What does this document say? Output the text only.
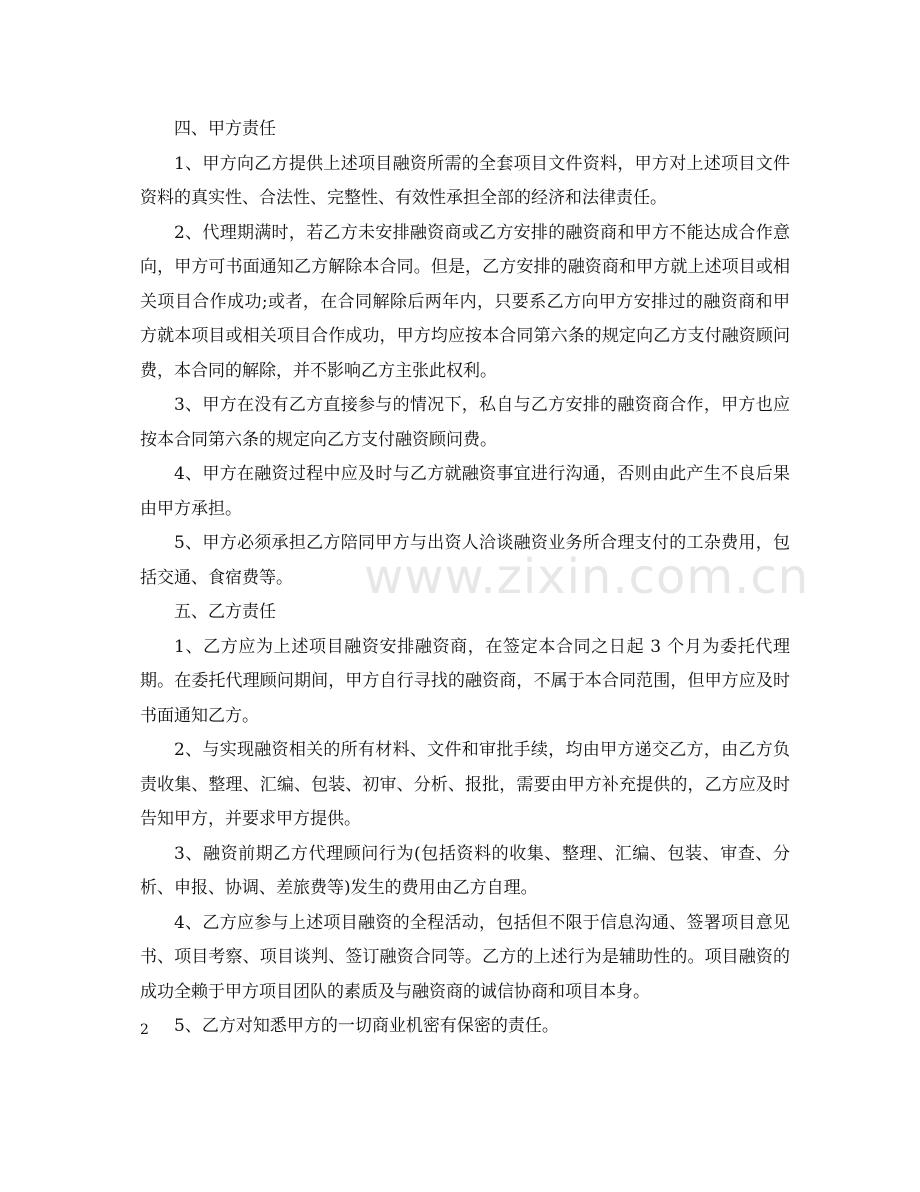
四、甲方责任

1、甲方向乙方提供上述项目融资所需的全套项目文件资料，甲方对上述项目文件资料的真实性、合法性、完整性、有效性承担全部的经济和法律责任。

2、代理期满时，若乙方未安排融资商或乙方安排的融资商和甲方不能达成合作意向，甲方可书面通知乙方解除本合同。但是，乙方安排的融资商和甲方就上述项目或相关项目合作成功;或者，在合同解除后两年内，只要系乙方向甲方安排过的融资商和甲方就本项目或相关项目合作成功，甲方均应按本合同第六条的规定向乙方支付融资顾问费，本合同的解除，并不影响乙方主张此权利。

3、甲方在没有乙方直接参与的情况下，私自与乙方安排的融资商合作，甲方也应按本合同第六条的规定向乙方支付融资顾问费。

4、甲方在融资过程中应及时与乙方就融资事宜进行沟通，否则由此产生不良后果由甲方承担。

5、甲方必须承担乙方陪同甲方与出资人洽谈融资业务所合理支付的工杂费用，包括交通、食宿费等。

五、乙方责任

1、乙方应为上述项目融资安排融资商，在签定本合同之日起 3 个月为委托代理期。在委托代理顾问期间，甲方自行寻找的融资商，不属于本合同范围，但甲方应及时书面通知乙方。

2、与实现融资相关的所有材料、文件和审批手续，均由甲方递交乙方，由乙方负责收集、整理、汇编、包装、初审、分析、报批，需要由甲方补充提供的，乙方应及时告知甲方，并要求甲方提供。

3、融资前期乙方代理顾问行为(包括资料的收集、整理、汇编、包装、审查、分析、申报、协调、差旅费等)发生的费用由乙方自理。

4、乙方应参与上述项目融资的全程活动，包括但不限于信息沟通、签署项目意见书、项目考察、项目谈判、签订融资合同等。乙方的上述行为是辅助性的。项目融资的成功全赖于甲方项目团队的素质及与融资商的诚信协商和项目本身。

5、乙方对知悉甲方的一切商业机密有保密的责任。

www.zixin.com.cn
2
